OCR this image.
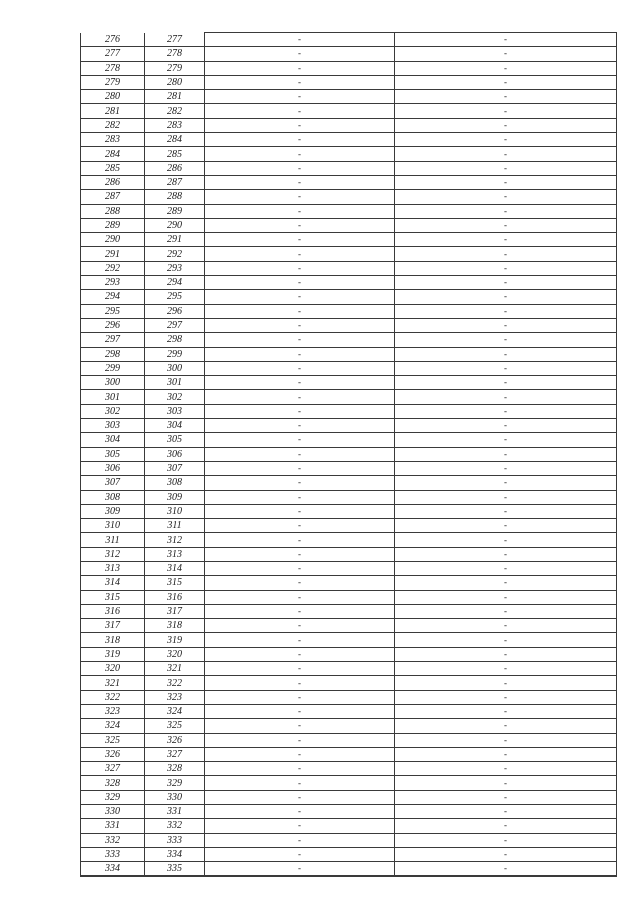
276	277	-	-
277	278	-	-
278	279	-	-
279	280	-	-
280	281	-	-
281	282	-	-
282	283	-	-
283	284	-	-
284	285	-	-
285	286	-	-
286	287	-	-
287	288	-	-
288	289	-	-
289	290	-	-
290	291	-	-
291	292	-	-
292	293	-	-
293	294	-	-
294	295	-	-
295	296	-	-
296	297	-	-
297	298	-	-
298	299	-	-
299	300	-	-
300	301	-	-
301	302	-	-
302	303	-	-
303	304	-	-
304	305	-	-
305	306	-	-
306	307	-	-
307	308	-	-
308	309	-	-
309	310	-	-
310	311	-	-
311	312	-	-
312	313	-	-
313	314	-	-
314	315	-	-
315	316	-	-
316	317	-	-
317	318	-	-
318	319	-	-
319	320	-	-
320	321	-	-
321	322	-	-
322	323	-	-
323	324	-	-
324	325	-	-
325	326	-	-
326	327	-	-
327	328	-	-
328	329	-	-
329	330	-	-
330	331	-	-
331	332	-	-
332	333	-	-
333	334	-	-
334	335	-	-
